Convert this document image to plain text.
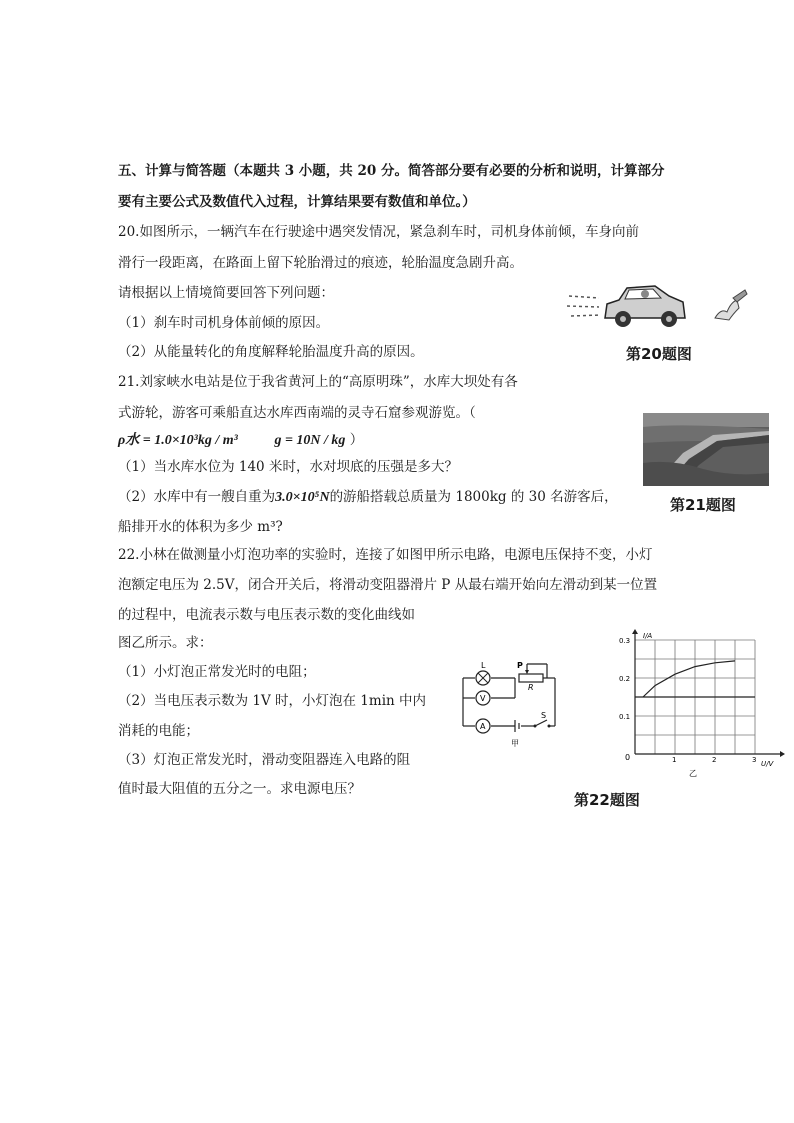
五、计算与简答题（本题共 3 小题，共 20 分。简答部分要有必要的分析和说明，计算部分
要有主要公式及数值代入过程，计算结果要有数值和单位。）
20.如图所示，一辆汽车在行驶途中遇突发情况，紧急刹车时，司机身体前倾，车身向前
滑行一段距离，在路面上留下轮胎滑过的痕迹，轮胎温度急剧升高。
请根据以上情境简要回答下列问题：
（1）刹车时司机身体前倾的原因。
（2）从能量转化的角度解释轮胎温度升高的原因。	第20题图
21.刘家峡水电站是位于我省黄河上的“高原明珠”，水库大坝处有各
式游轮，游客可乘船直达水库西南端的灵寺石窟参观游览。（
ρ水 = 1.0×10³kg / m³	g = 10N / kg ）
（1）当水库水位为 140 米时，水对坝底的压强是多大？
（2）水库中有一艘自重为3.0×10⁵N的游船搭载总质量为 1800kg 的 30 名游客后，
船排开水的体积为多少 m³?
第21题图
22.小林在做测量小灯泡功率的实验时，连接了如图甲所示电路，电源电压保持不变，小灯
泡额定电压为 2.5V，闭合开关后，将滑动变阻器滑片 P 从最右端开始向左滑动到某一位置
的过程中，电流表示数与电压表示数的变化曲线如
图乙所示。求：
（1）小灯泡正常发光时的电阻；
（2）当电压表示数为 1V 时，小灯泡在 1min 中内
消耗的电能；
（3）灯泡正常发光时，滑动变阻器连入电路的阻
值时最大阻值的五分之一。求电源电压？
L	P
R
V
A
S
甲
1	2	3
0.1
0.2
0.3
I/A
U/V
0
乙
第22题图
